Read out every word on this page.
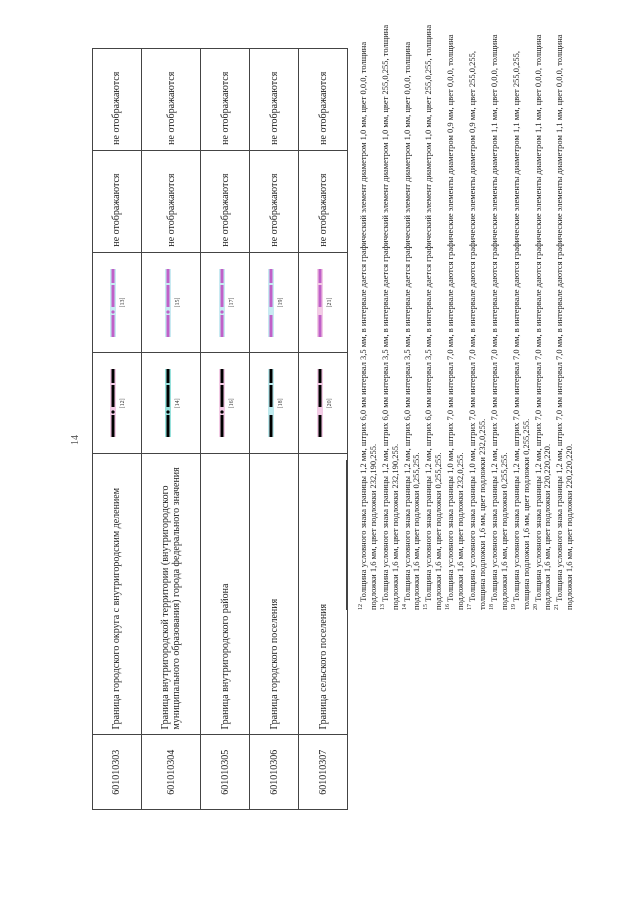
14
601010303	Граница городского округа с внутригородским делением	[12]	[13]	не отображаются	не отображаются
601010304	Граница внутригородской территории (внутригородского муниципального образования) города федерального значения	[14]	[15]	не отображаются	не отображаются
601010305	Граница внутригородского района	[16]	[17]	не отображаются	не отображаются
601010306	Граница городского поселения	[18]	[19]	не отображаются	не отображаются
601010307	Граница сельского поселения	[20]	[21]	не отображаются	не отображаются

$^{12}$ Толщина условного знака границы 1,2 мм, штрих 6,0 мм интервал 3,5 мм, в интервале дается графический элемент диаметром 1,0 мм, цвет 0,0,0, толщина подложки 1,6 мм, цвет подложки 232,190,255. $^{13}$ Толщина условного знака границы 1,2 мм, штрих 6,0 мм интервал 3,5 мм, в интервале дается графический элемент диаметром 1,0 мм, цвет 255,0,255, толщина подложки 1,6 мм, цвет подложки 232,190,255. $^{14}$ Толщина условного знака границы 1,2 мм, штрих 6,0 мм интервал 3,5 мм, в интервале дается графический элемент диаметром 1,0 мм, цвет 0,0,0, толщина подложки 1,6 мм, цвет подложки 0,255,255. $^{15}$ Толщина условного знака границы 1,2 мм, штрих 6,0 мм интервал 3,5 мм, в интервале дается графический элемент диаметром 1,0 мм, цвет 255,0,255, толщина подложки 1,6 мм, цвет подложки 0,255,255. $^{16}$ Толщина условного знака границы 1,0 мм, штрих 7,0 мм интервал 7,0 мм, в интервале даются графические элементы диаметром 0,9 мм, цвет 0,0,0, толщина подложки 1,6 мм, цвет подложки 232,0,255. $^{17}$ Толщина условного знака границы 1,0 мм, штрих 7,0 мм интервал 7,0 мм, в интервале даются графические элементы диаметром 0,9 мм, цвет 255,0,255, толщина подложки 1,6 мм, цвет подложки 232,0,255. $^{18}$ Толщина условного знака границы 1,2 мм, штрих 7,0 мм интервал 7,0 мм, в интервале даются графические элементы диаметром 1,1 мм, цвет 0,0,0, толщина подложки 1,6 мм, цвет подложки 0,255,255. $^{19}$ Толщина условного знака границы 1,2 мм, штрих 7,0 мм интервал 7,0 мм, в интервале даются графические элементы диаметром 1,1 мм, цвет 255,0,255, толщина подложки 1,6 мм, цвет подложки 0,255,255. $^{20}$ Толщина условного знака границы 1,2 мм, штрих 7,0 мм интервал 7,0 мм, в интервале даются графические элементы диаметром 1,1 мм, цвет 0,0,0, толщина подложки 1,6 мм, цвет подложки 220,220,220. $^{21}$ Толщина условного знака границы 1,2 мм, штрих 7,0 мм интервал 7,0 мм, в интервале даются графические элементы диаметром 1,1 мм, цвет 0,0,0, толщина подложки 1,6 мм, цвет подложки 220,220,220.
